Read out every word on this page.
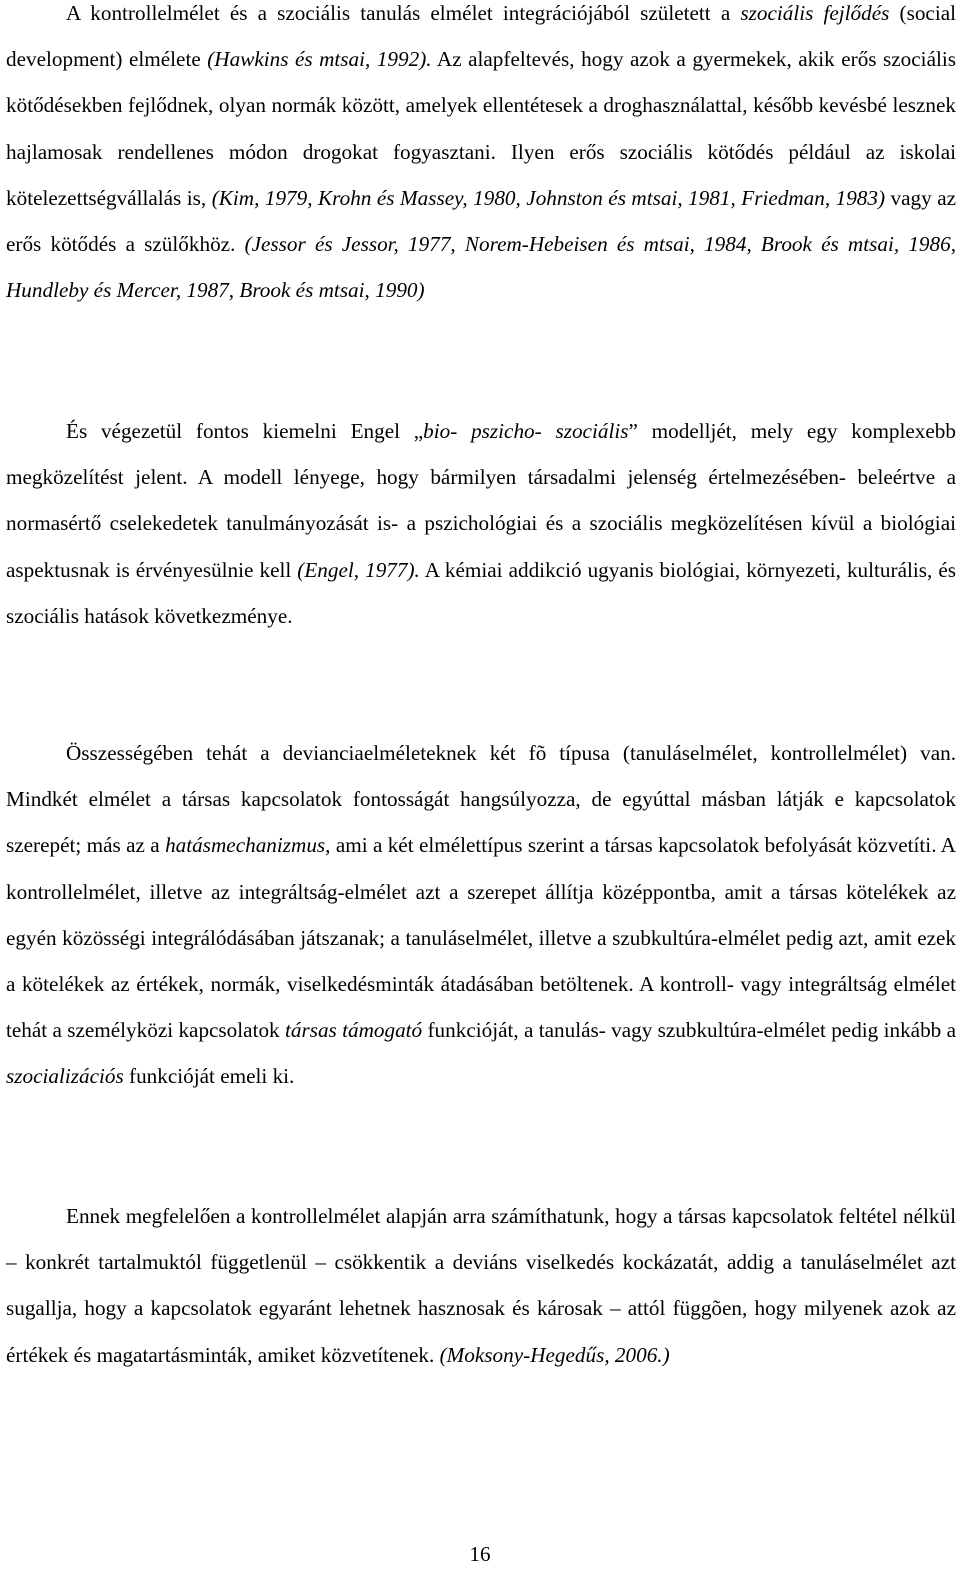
A kontrollelmélet és a szociális tanulás elmélet integrációjából született a szociális fejlődés (social development) elmélete (Hawkins és mtsai, 1992). Az alapfeltevés, hogy azok a gyermekek, akik erős szociális kötődésekben fejlődnek, olyan normák között, amelyek ellentétesek a droghasználattal, később kevésbé lesznek hajlamosak rendellenes módon drogokat fogyasztani. Ilyen erős szociális kötődés például az iskolai kötelezettségvállalás is, (Kim, 1979, Krohn és Massey, 1980, Johnston és mtsai, 1981, Friedman, 1983) vagy az erős kötődés a szülőkhöz. (Jessor és Jessor, 1977, Norem-Hebeisen és mtsai, 1984, Brook és mtsai, 1986, Hundleby és Mercer, 1987, Brook és mtsai, 1990)

És végezetül fontos kiemelni Engel „bio- pszicho- szociális” modelljét, mely egy komplexebb megközelítést jelent. A modell lényege, hogy bármilyen társadalmi jelenség értelmezésében- beleértve a normasértő cselekedetek tanulmányozását is- a pszichológiai és a szociális megközelítésen kívül a biológiai aspektusnak is érvényesülnie kell (Engel, 1977). A kémiai addikció ugyanis biológiai, környezeti, kulturális, és szociális hatások következménye.

Összességében tehát a devianciaelméleteknek két fõ típusa (tanuláselmélet, kontrollelmélet) van. Mindkét elmélet a társas kapcsolatok fontosságát hangsúlyozza, de egyúttal másban látják e kapcsolatok szerepét; más az a hatásmechanizmus, ami a két elmélettípus szerint a társas kapcsolatok befolyását közvetíti. A kontrollelmélet, illetve az integráltság-elmélet azt a szerepet állítja középpontba, amit a társas kötelékek az egyén közösségi integrálódásában játszanak; a tanuláselmélet, illetve a szubkultúra-elmélet pedig azt, amit ezek a kötelékek az értékek, normák, viselkedésminták átadásában betöltenek. A kontroll- vagy integráltság elmélet tehát a személyközi kapcsolatok társas támogató funkcióját, a tanulás- vagy szubkultúra-elmélet pedig inkább a szocializációs funkcióját emeli ki.

Ennek megfelelően a kontrollelmélet alapján arra számíthatunk, hogy a társas kapcsolatok feltétel nélkül – konkrét tartalmuktól függetlenül – csökkentik a deviáns viselkedés kockázatát, addig a tanuláselmélet azt sugallja, hogy a kapcsolatok egyaránt lehetnek hasznosak és károsak – attól függõen, hogy milyenek azok az értékek és magatartásminták, amiket közvetítenek. (Moksony-Hegedűs, 2006.)

16
